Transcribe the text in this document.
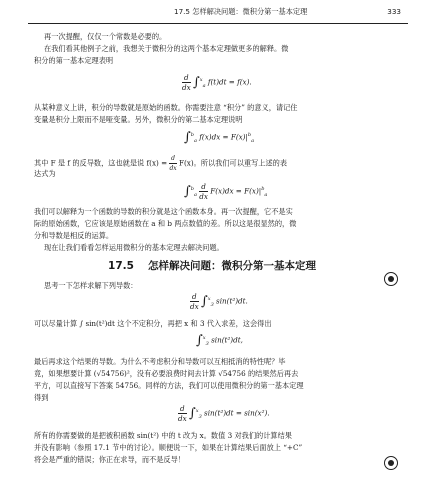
17.5 怎样解决问题：微积分第一基本定理	333

再一次提醒，仅仅一个常数是必要的。

在我们看其他例子之前，我想关于微积分的这两个基本定理做更多的解释。微

积分的第一基本定理表明

$\frac{d}{dx} \int^x_a$ f(t)dt = f(x).

从某种意义上讲，积分的导数就是原始的函数。你需要注意 “积分” 的意义，请记住

变量是积分上限而不是哑变量。另外，微积分的第二基本定理说明

∫$^b_a$ $f(x)dx = F(x)|^b_a$

其中 F 是 f 的反导数，这也就是说 $f(x) = \frac{d}{dx} F(x)$。所以我们可以重写上述的表

达式为

$\int^b_a \frac{d}{dx} F(x)dx = F(x)|^b_a$

我们可以解释为一个函数的导数的积分就是这个函数本身。再一次提醒，它不是实

际的原始函数，它应该是原始函数在 a 和 b 两点数值的差。所以这是很显然的，微

分和导数是相反的运算。

现在让我们看看怎样运用微积分的基本定理去解决问题。

17.5 怎样解决问题：微积分第一基本定理

思考一下怎样求解下列导数：

$\frac{d}{dx} \int^x_3$ sin(t²)dt.

可以尽量计算 ∫ sin(t²)dt 这个不定积分，再把 x 和 3 代入求差，这会得出

∫$^x_3$ sin(t²)dt,

最后再求这个结果的导数。为什么不考虑积分和导数可以互相抵消的特性呢？毕

竟，如果想要计算 (√54756)²，没有必要浪费时间去计算 √54756 的结果然后再去

平方，可以直接写下答案 54756。同样的方法，我们可以使用微积分的第一基本定理

得到

$\frac{d}{dx} \int^x_3$ sin(t²)dt = sin(x²).

所有的你需要做的是把被积函数 sin(t²) 中的 t 改为 x。数值 3 对我们的计算结果

并没有影响（参照 17.1 节中的讨论）。顺便说一下，如果在计算结果后面放上 “+C”

将会是严重的错误；你正在求导，而不是反导！
